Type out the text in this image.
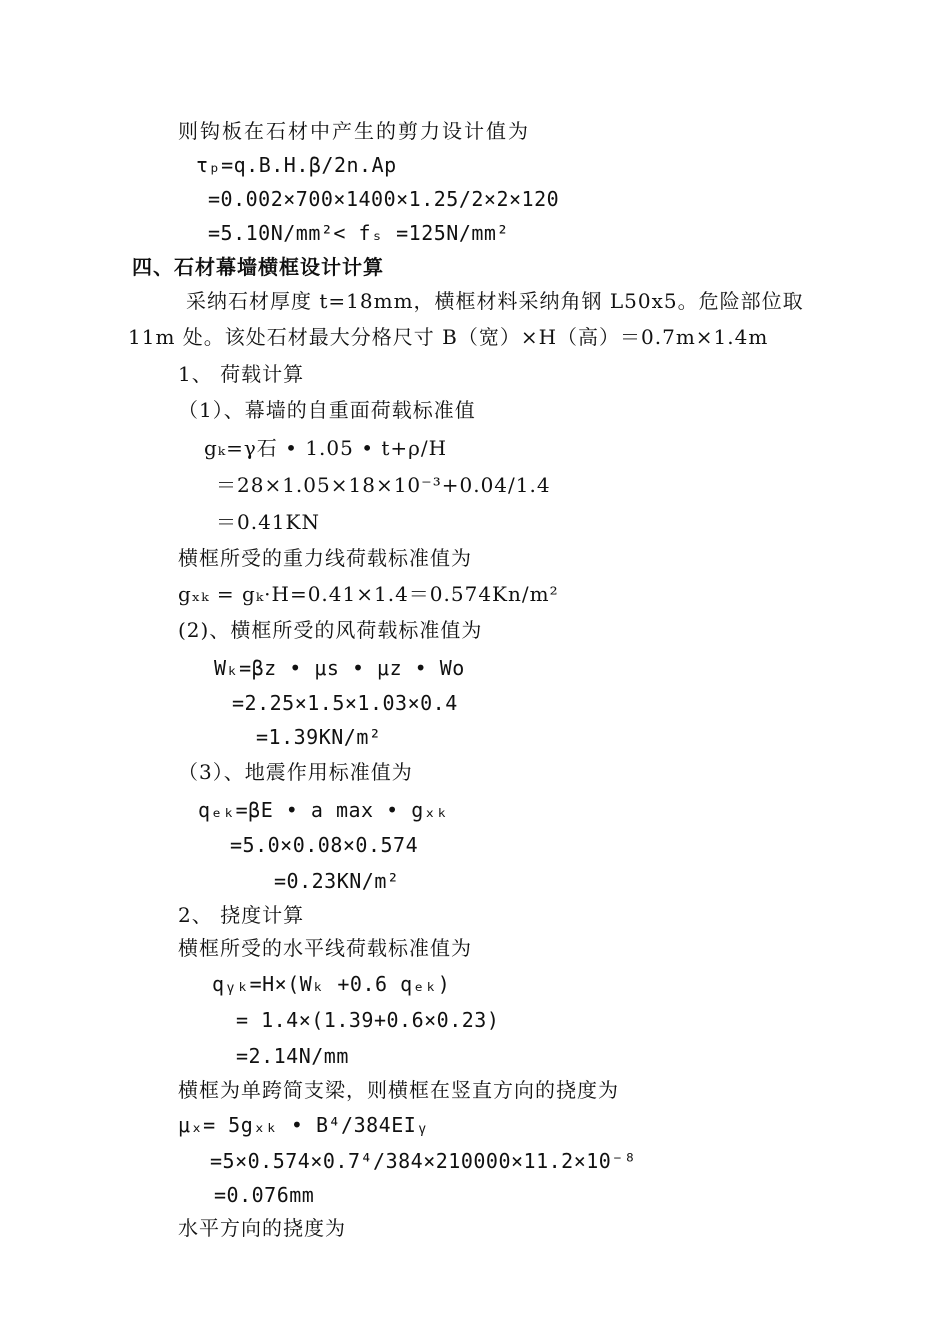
则钩板在石材中产生的剪力设计值为
τₚ=q.B.H.β/2n.Ap
=0.002×700×1400×1.25/2×2×120
=5.10N/mm²< fₛ =125N/mm²
四、石材幕墙横框设计计算
采纳石材厚度 t=18mm，横框材料采纳角钢 L50x5。危险部位取
11m 处。该处石材最大分格尺寸 B（宽）×H（高）＝0.7m×1.4m
1、 荷载计算
（1）、幕墙的自重面荷载标准值
gₖ=γ石 • 1.05 • t+ρ/H
＝28×1.05×18×10⁻³+0.04/1.4
＝0.41KN
横框所受的重力线荷载标准值为
gₓₖ = gₖ·H=0.41×1.4＝0.574Kn/m²
(2)、横框所受的风荷载标准值为
Wₖ=βz • μs • μz • Wo
=2.25×1.5×1.03×0.4
=1.39KN/m²
（3）、地震作用标准值为
qₑₖ=βE • a max • gₓₖ
=5.0×0.08×0.574
=0.23KN/m²
2、 挠度计算
横框所受的水平线荷载标准值为
qᵧₖ=H×(Wₖ +0.6 qₑₖ)
= 1.4×(1.39+0.6×0.23)
=2.14N/mm
横框为单跨简支梁，则横框在竖直方向的挠度为
μₓ= 5gₓₖ • B⁴/384EIᵧ
=5×0.574×0.7⁴/384×210000×11.2×10⁻⁸
=0.076mm
水平方向的挠度为
